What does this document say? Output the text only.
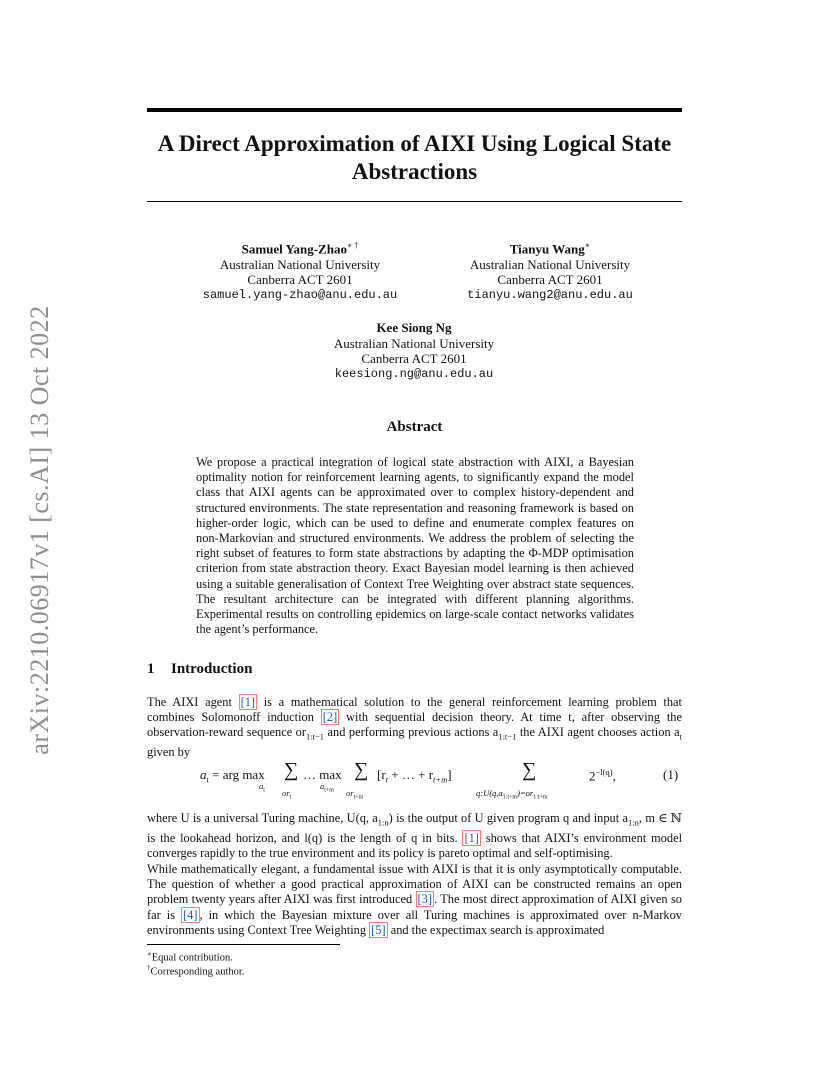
arXiv:2210.06917v1 [cs.AI] 13 Oct 2022
A Direct Approximation of AIXI Using Logical State Abstractions
Samuel Yang-Zhao∗ †
Australian National University
Canberra ACT 2601
samuel.yang-zhao@anu.edu.au
Tianyu Wang∗
Australian National University
Canberra ACT 2601
tianyu.wang2@anu.edu.au
Kee Siong Ng
Australian National University
Canberra ACT 2601
keesiong.ng@anu.edu.au
Abstract
We propose a practical integration of logical state abstraction with AIXI, a Bayesian optimality notion for reinforcement learning agents, to significantly expand the model class that AIXI agents can be approximated over to complex history-dependent and structured environments. The state representation and reasoning framework is based on higher-order logic, which can be used to define and enumerate complex features on non-Markovian and structured environments. We address the problem of selecting the right subset of features to form state abstractions by adapting the Φ-MDP optimisation criterion from state abstraction theory. Exact Bayesian model learning is then achieved using a suitable generalisation of Context Tree Weighting over abstract state sequences. The resultant architecture can be integrated with different planning algorithms. Experimental results on controlling epidemics on large-scale contact networks validates the agent’s performance.
1 Introduction
The AIXI agent [1] is a mathematical solution to the general reinforcement learning problem that combines Solomonoff induction [2] with sequential decision theory. At time t, after observing the observation-reward sequence $or_{1:t-1}$ and performing previous actions $a_{1:t-1}$ the AIXI agent chooses action $a_t$ given by
$a_t$ = arg max
$a_t$
∑
$or_t$
… max
$a_{t+m}$
∑
$or_{t+m}$
[$r_t$ + … + $r_{t+m}$]	∑
$q:U(q,a_{1:t+m})=or_{1:t+m}$
$2^{-l(q)}$,	(1)
where U is a universal Turing machine, U(q, $a_{1:n}$) is the output of U given program q and input $a_{1:n}$, m ∈ ℕ is the lookahead horizon, and l(q) is the length of q in bits. [1] shows that AIXI’s environment model converges rapidly to the true environment and its policy is pareto optimal and self-optimising.
While mathematically elegant, a fundamental issue with AIXI is that it is only asymptotically computable. The question of whether a good practical approximation of AIXI can be constructed remains an open problem twenty years after AIXI was first introduced [3] . The most direct approximation of AIXI given so far is [4] , in which the Bayesian mixture over all Turing machines is approximated over n-Markov environments using Context Tree Weighting [5] and the expectimax search is approximated
∗Equal contribution.
†Corresponding author.
